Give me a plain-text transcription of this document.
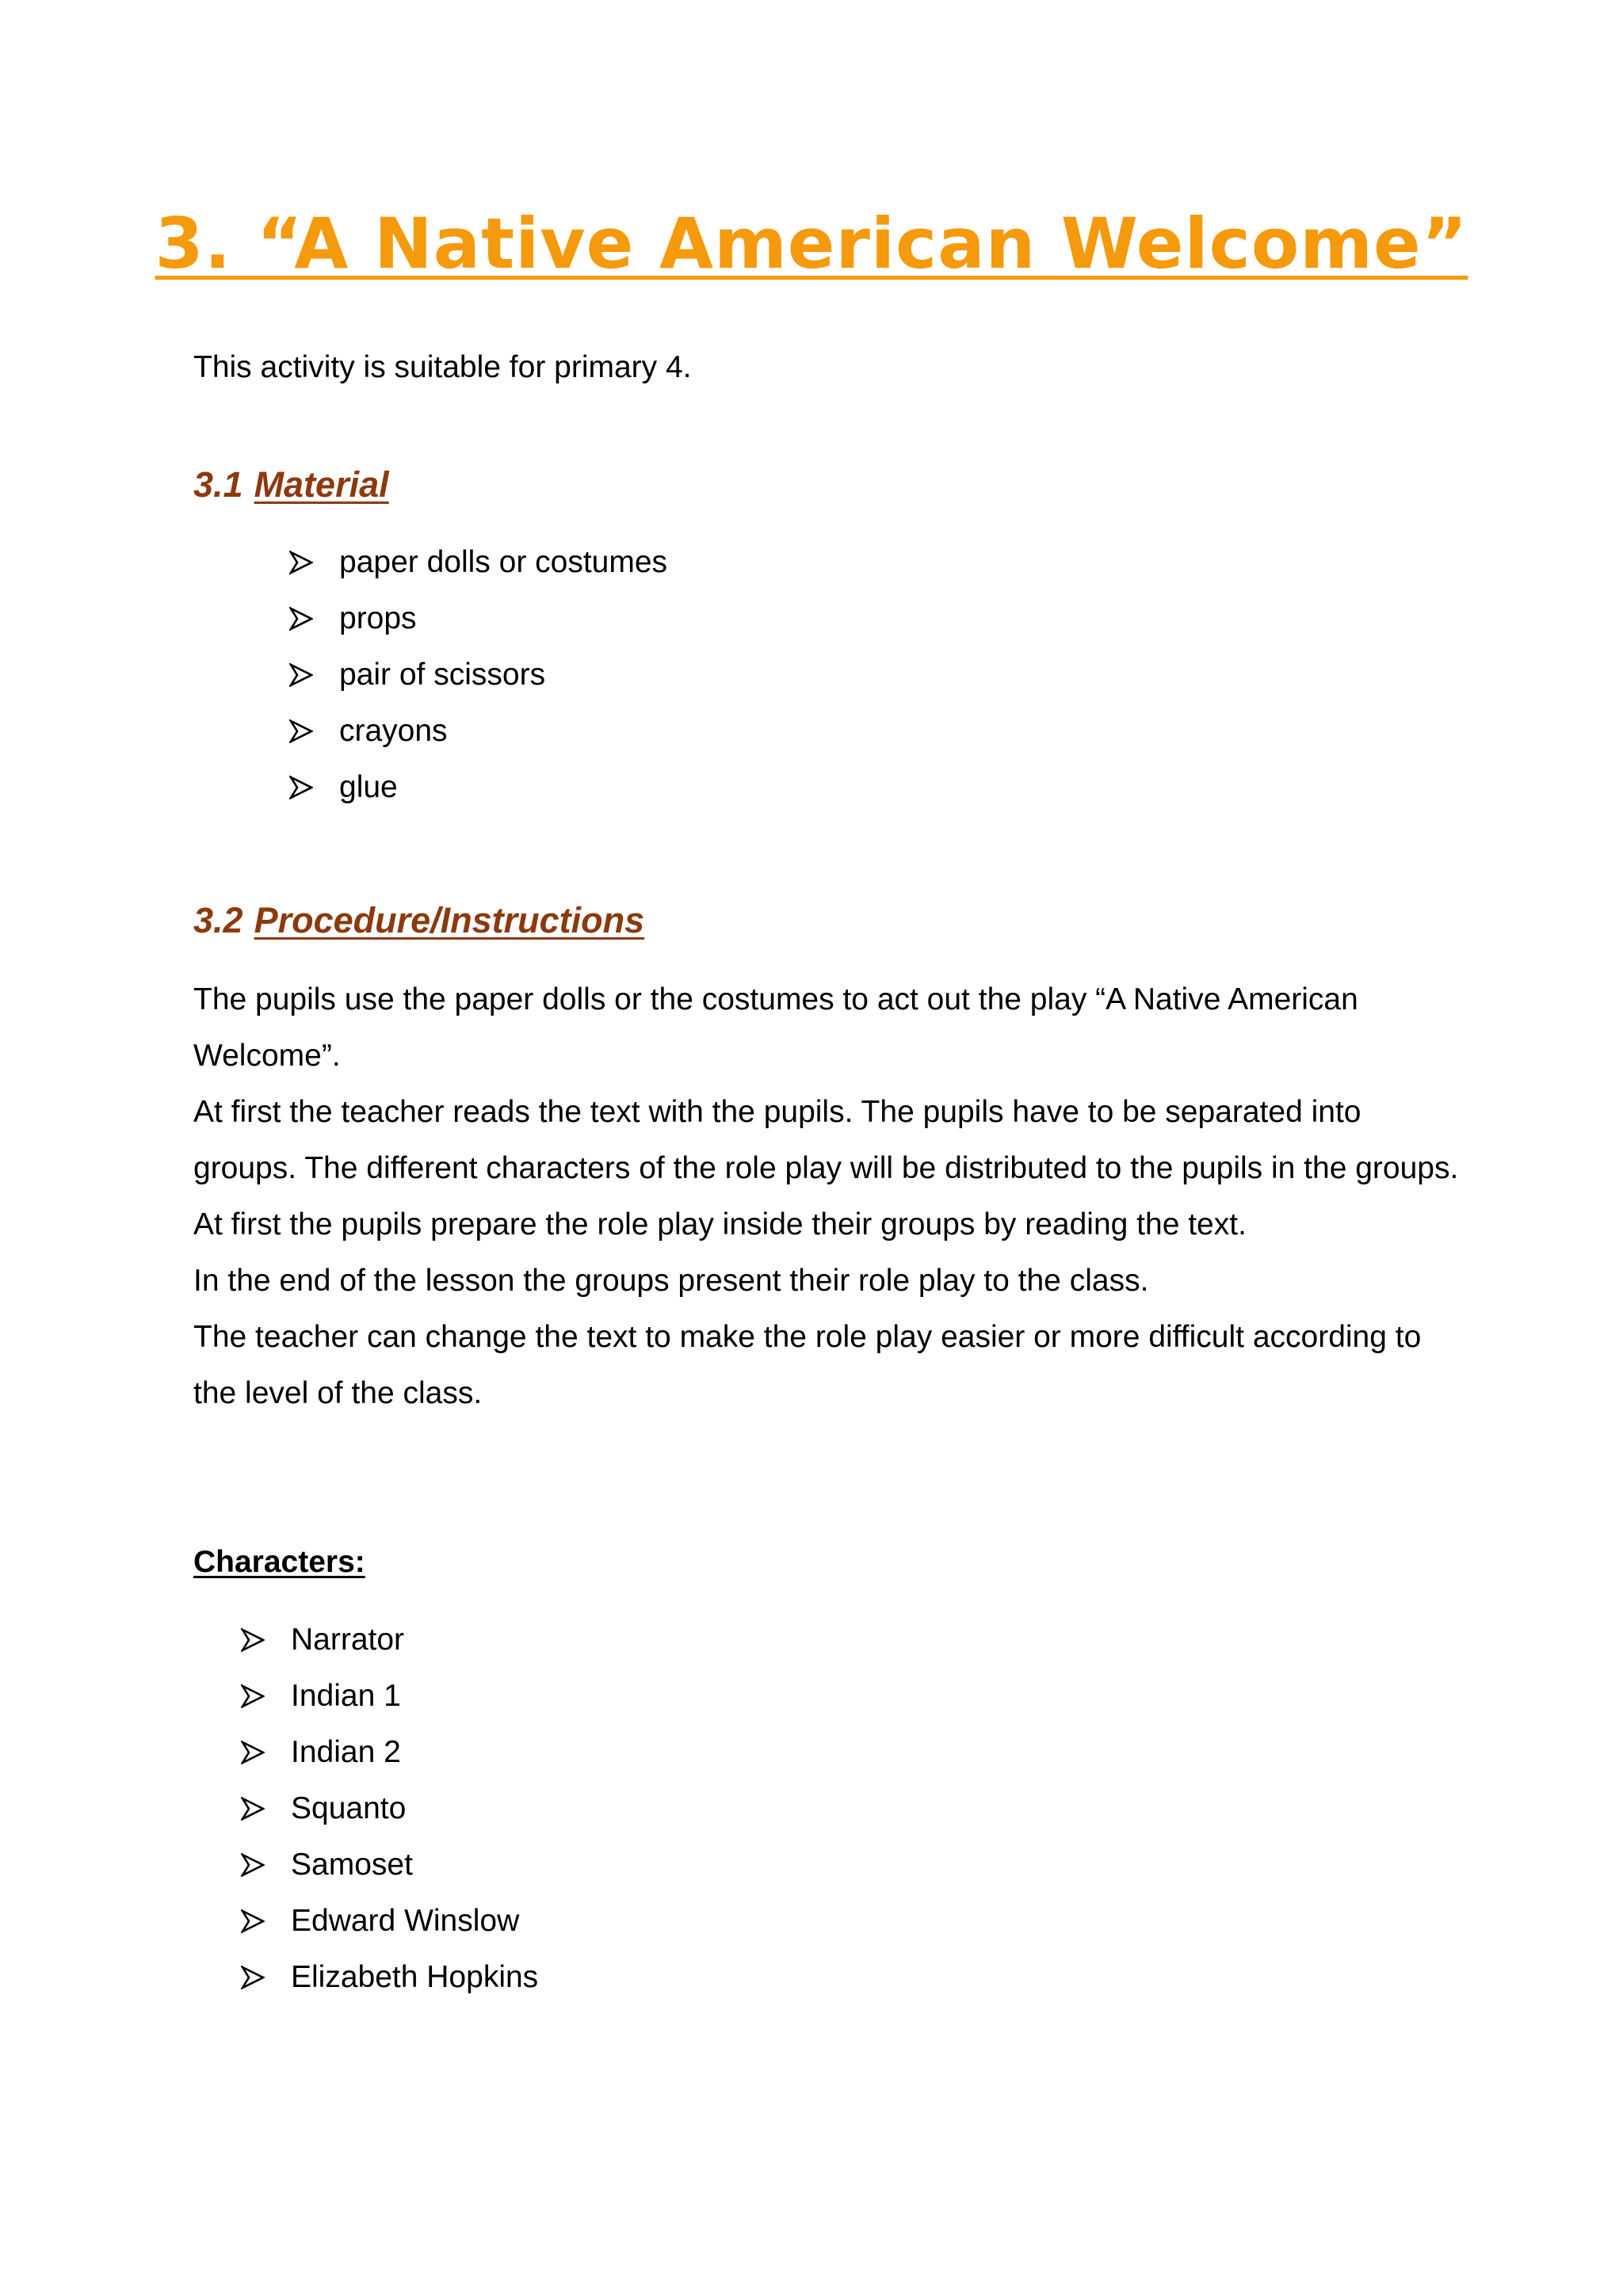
3. “A Native American Welcome”

This activity is suitable for primary 4.

3.1 Material
paper dolls or costumes
props
pair of scissors
crayons
glue
3.2 Procedure/Instructions

The pupils use the paper dolls or the costumes to act out the play “A Native American Welcome”.

At first the teacher reads the text with the pupils. The pupils have to be separated into groups. The different characters of the role play will be distributed to the pupils in the groups. At first the pupils prepare the role play inside their groups by reading the text.

In the end of the lesson the groups present their role play to the class.

The teacher can change the text to make the role play easier or more difficult according to the level of the class.

Characters:
Narrator
Indian 1
Indian 2
Squanto
Samoset
Edward Winslow
Elizabeth Hopkins
